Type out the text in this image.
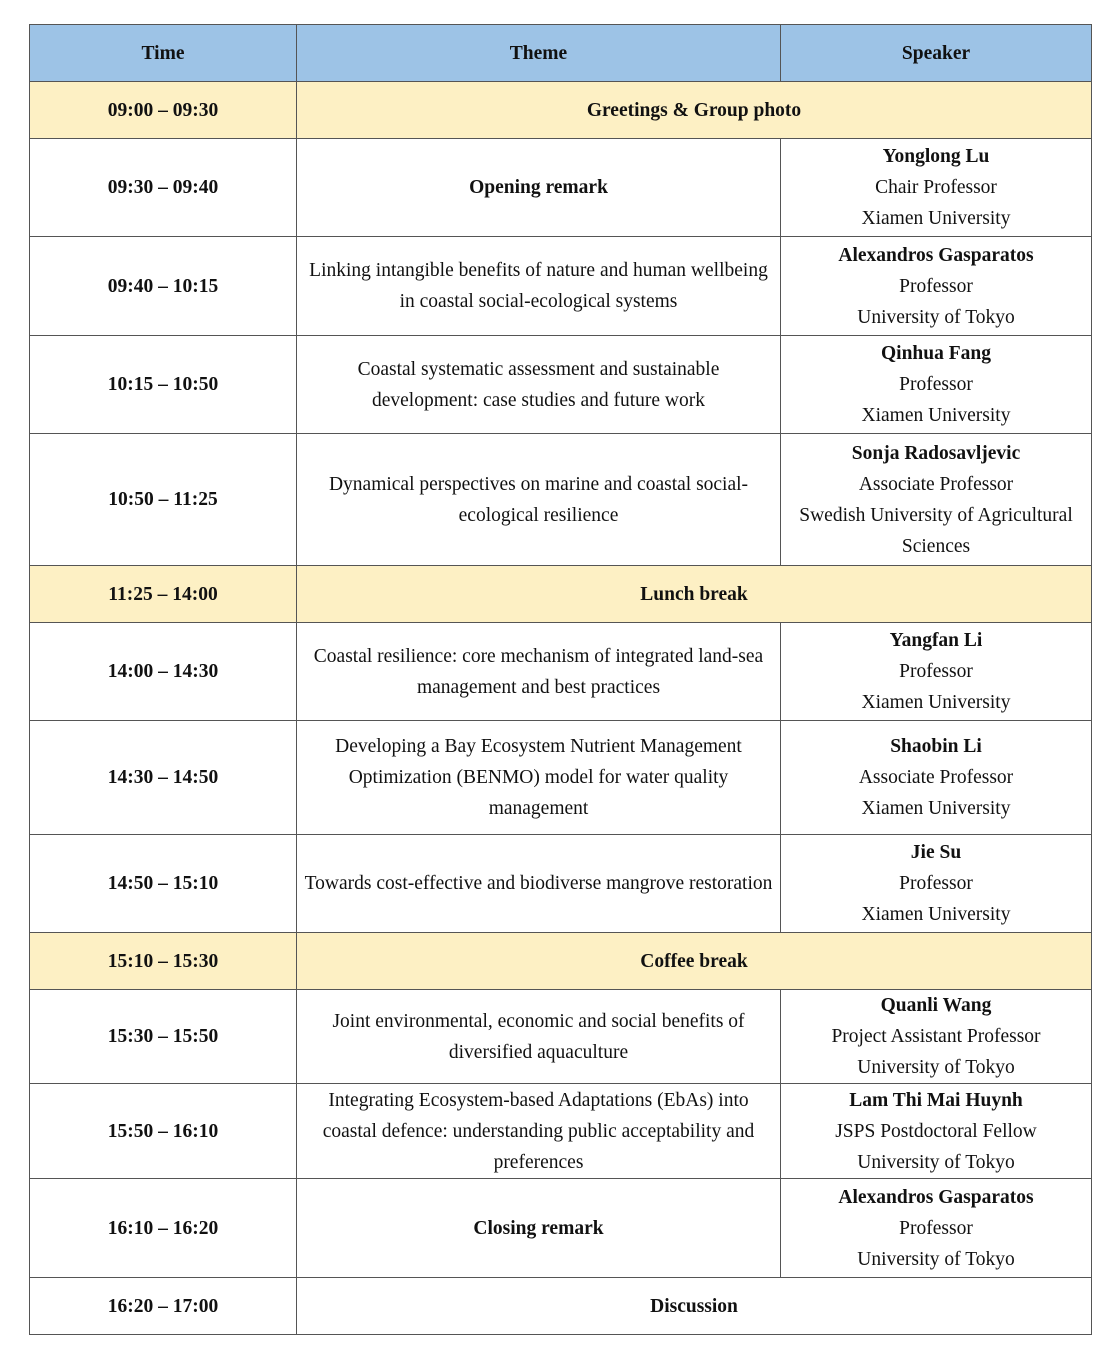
Time	Theme	Speaker
09:00 – 09:30	Greetings & Group photo	
09:30 – 09:40	Opening remark	Yonglong Lu
Chair Professor
Xiamen University

09:40 – 10:15	Linking intangible benefits of nature and human wellbeing in coastal social-ecological systems	Alexandros Gasparatos
Professor
University of Tokyo

10:15 – 10:50	Coastal systematic assessment and sustainable development: case studies and future work	Qinhua Fang
Professor
Xiamen University

10:50 – 11:25	Dynamical perspectives on marine and coastal social-ecological resilience	Sonja Radosavljevic
Associate Professor
Swedish University of Agricultural Sciences

11:25 – 14:00	Lunch break	
14:00 – 14:30	Coastal resilience: core mechanism of integrated land-sea management and best practices	Yangfan Li
Professor
Xiamen University

14:30 – 14:50	Developing a Bay Ecosystem Nutrient Management Optimization (BENMO) model for water quality management	Shaobin Li
Associate Professor
Xiamen University

14:50 – 15:10	Towards cost-effective and biodiverse mangrove restoration	Jie Su
Professor
Xiamen University

15:10 – 15:30	Coffee break	
15:30 – 15:50	Joint environmental, economic and social benefits of diversified aquaculture	Quanli Wang
Project Assistant Professor
University of Tokyo

15:50 – 16:10	Integrating Ecosystem-based Adaptations (EbAs) into coastal defence: understanding public acceptability and preferences	Lam Thi Mai Huynh
JSPS Postdoctoral Fellow
University of Tokyo

16:10 – 16:20	Closing remark	Alexandros Gasparatos
Professor
University of Tokyo

16:20 – 17:00	Discussion	
